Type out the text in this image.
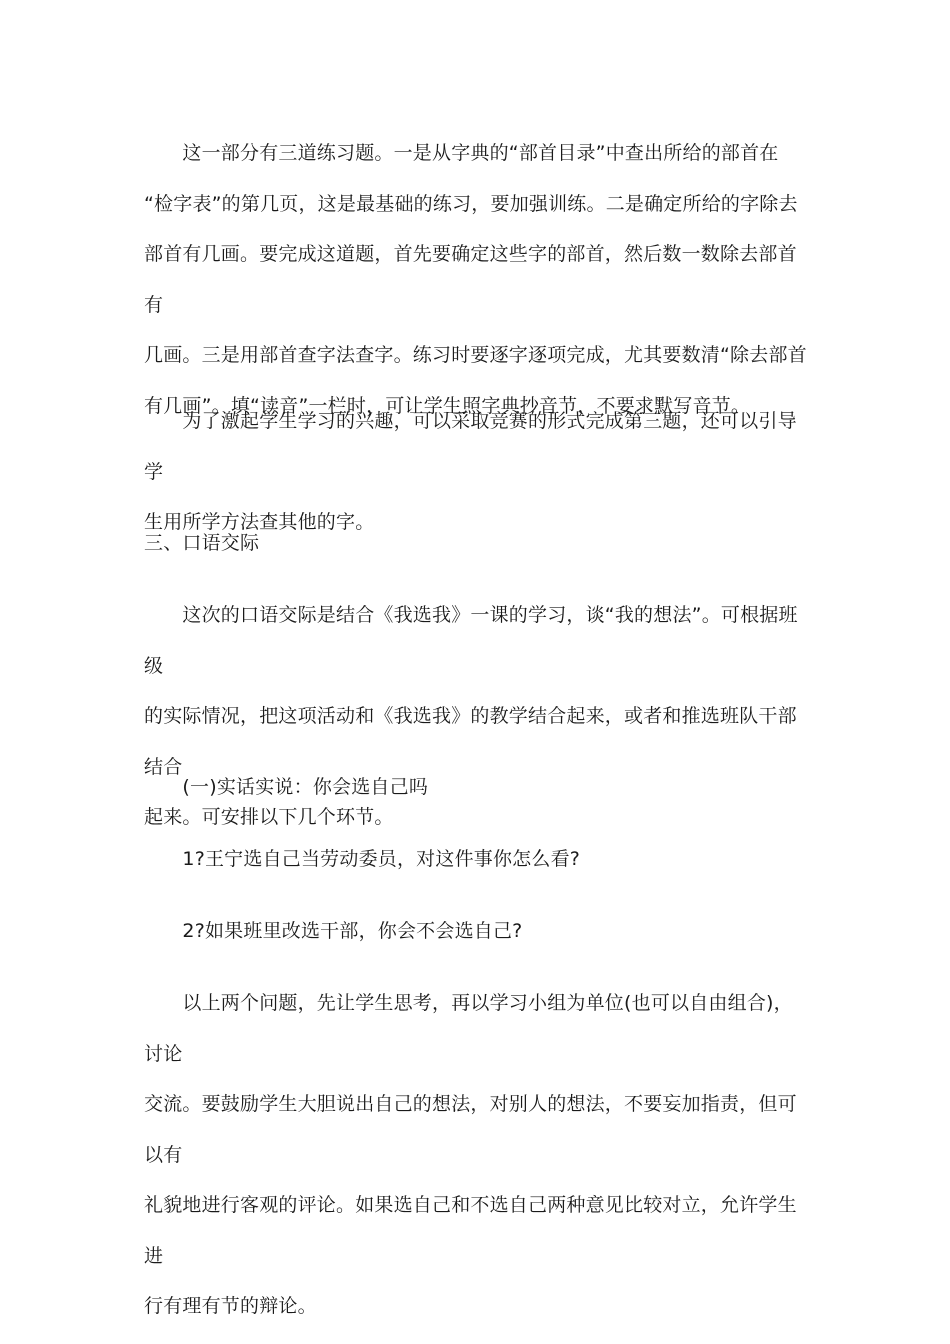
　　这一部分有三道练习题。一是从字典的“部首目录”中查出所给的部首在
“检字表”的第几页，这是最基础的练习，要加强训练。二是确定所给的字除去
部首有几画。要完成这道题，首先要确定这些字的部首，然后数一数除去部首有
几画。三是用部首查字法查字。练习时要逐字逐项完成，尤其要数清“除去部首
有几画”。填“读音”一栏时，可让学生照字典抄音节，不要求默写音节。

　　为了激起学生学习的兴趣，可以采取竞赛的形式完成第三题，还可以引导学
生用所学方法查其他的字。

三、口语交际

　　这次的口语交际是结合《我选我》一课的学习，谈“我的想法”。可根据班级
的实际情况，把这项活动和《我选我》的教学结合起来，或者和推选班队干部结合
起来。可安排以下几个环节。

　　(一)实话实说：你会选自己吗

　　1?王宁选自己当劳动委员，对这件事你怎么看?

　　2?如果班里改选干部，你会不会选自己?

　　以上两个问题，先让学生思考，再以学习小组为单位(也可以自由组合)，讨论
交流。要鼓励学生大胆说出自己的想法，对别人的想法，不要妄加指责，但可以有
礼貌地进行客观的评论。如果选自己和不选自己两种意见比较对立，允许学生进
行有理有节的辩论。
